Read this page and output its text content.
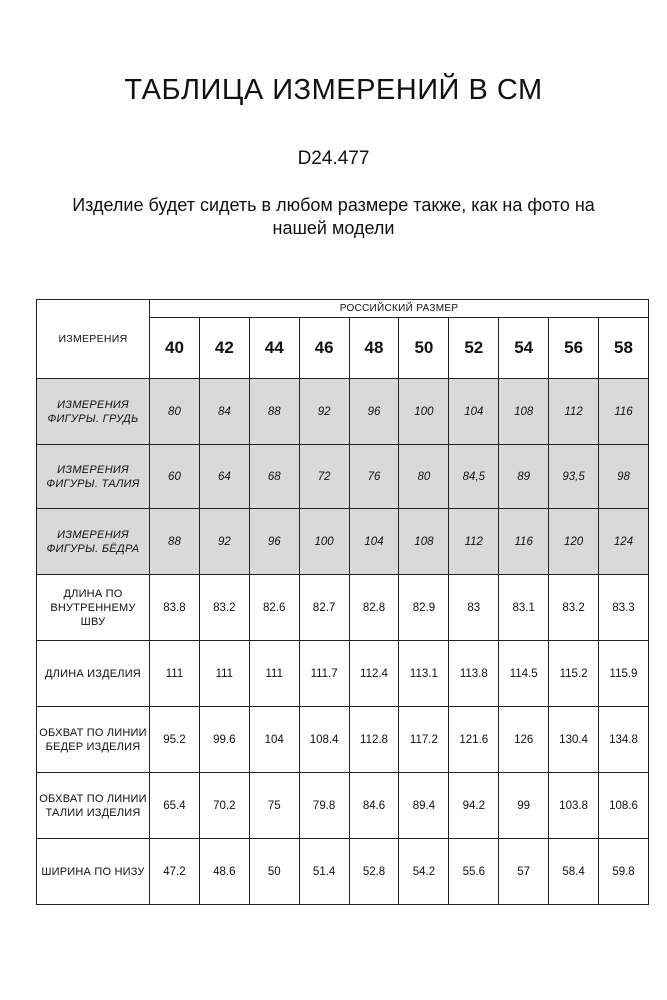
ТАБЛИЦА ИЗМЕРЕНИЙ В СМ
D24.477
Изделие будет сидеть в любом размере также, как на фото на нашей модели
ИЗМЕРЕНИЯ	РОССИЙСКИЙ РАЗМЕР									
	40	42	44	46	48	50	52	54	56	58
ИЗМЕРЕНИЯ ФИГУРЫ. ГРУДЬ	80	84	88	92	96	100	104	108	112	116
ИЗМЕРЕНИЯ ФИГУРЫ. ТАЛИЯ	60	64	68	72	76	80	84,5	89	93,5	98
ИЗМЕРЕНИЯ ФИГУРЫ. БЁДРА	88	92	96	100	104	108	112	116	120	124
ДЛИНА ПО ВНУТРЕННЕМУ ШВУ	83.8	83.2	82.6	82.7	82.8	82.9	83	83.1	83.2	83.3
ДЛИНА ИЗДЕЛИЯ	111	111	111	111.7	112.4	113.1	113.8	114.5	115.2	115.9
ОБХВАТ ПО ЛИНИИ БЕДЕР ИЗДЕЛИЯ	95.2	99.6	104	108.4	112.8	117.2	121.6	126	130.4	134.8
ОБХВАТ ПО ЛИНИИ ТАЛИИ ИЗДЕЛИЯ	65.4	70.2	75	79.8	84.6	89.4	94.2	99	103.8	108.6
ШИРИНА ПО НИЗУ	47.2	48.6	50	51.4	52.8	54.2	55.6	57	58.4	59.8
